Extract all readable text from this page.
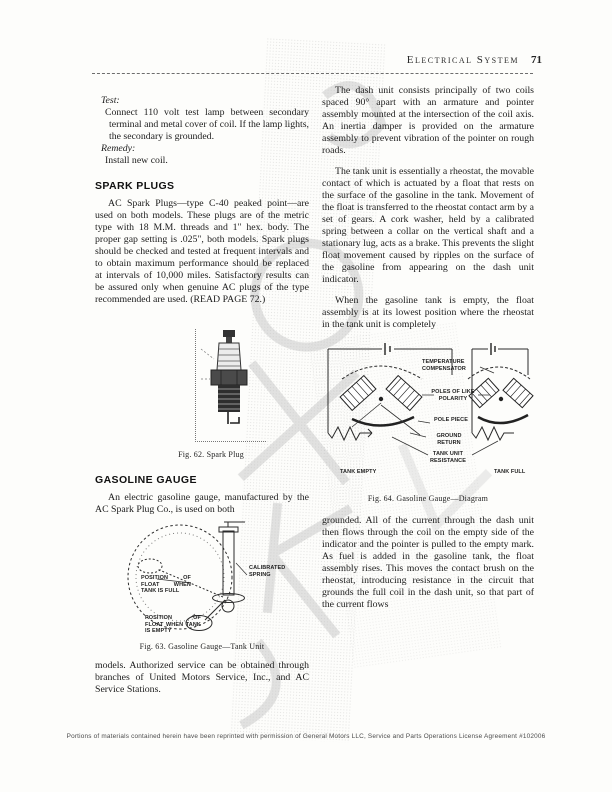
Electrical System 71
Test:

Connect 110 volt test lamp between secondary terminal and metal cover of coil. If the lamp lights, the secondary is grounded.

Remedy:

Install new coil.

SPARK PLUGS

AC Spark Plugs—type C-40 peaked point—are used on both models. These plugs are of the metric type with 18 M.M. threads and 1" hex. body. The proper gap setting is .025", both models. Spark plugs should be checked and tested at frequent intervals and to obtain maximum performance should be replaced at intervals of 10,000 miles. Satisfactory results can be assured only when genuine AC plugs of the type recommended are used. (READ PAGE 72.)

Fig. 62. Spark Plug
GASOLINE GAUGE

An electric gasoline gauge, manufactured by the AC Spark Plug Co., is used on both

POSITION OF FLOAT WHEN TANK IS FULL
POSITION OF FLOAT WHEN TANK IS EMPTY
CALIBRATED SPRING
Fig. 63. Gasoline Gauge—Tank Unit

models. Authorized service can be obtained through branches of United Motors Service, Inc., and AC Service Stations.

The dash unit consists principally of two coils spaced 90° apart with an armature and pointer assembly mounted at the intersection of the coil axis. An inertia damper is provided on the armature assembly to prevent vibration of the pointer on rough roads.

The tank unit is essentially a rheostat, the movable contact of which is actuated by a float that rests on the surface of the gasoline in the tank. Movement of the float is transferred to the rheostat contact arm by a set of gears. A cork washer, held by a calibrated spring between a collar on the vertical shaft and a stationary lug, acts as a brake. This prevents the slight float movement caused by ripples on the surface of the gasoline from appearing on the dash unit indicator.

When the gasoline tank is empty, the float assembly is at its lowest position where the rheostat in the tank unit is completely

TEMPERATURE COMPENSATOR
POLES OF LIKE POLARITY
POLE PIECE
GROUND RETURN
TANK UNIT RESISTANCE
TANK EMPTY	TANK FULL
Fig. 64. Gasoline Gauge—Diagram

grounded. All of the current through the dash unit then flows through the coil on the empty side of the indicator and the pointer is pulled to the empty mark. As fuel is added in the gasoline tank, the float assembly rises. This moves the contact brush on the rheostat, introducing resistance in the circuit that grounds the full coil in the dash unit, so that part of the current flows

Portions of materials contained herein have been reprinted with permission of General Motors LLC, Service and Parts Operations License Agreement #102006
